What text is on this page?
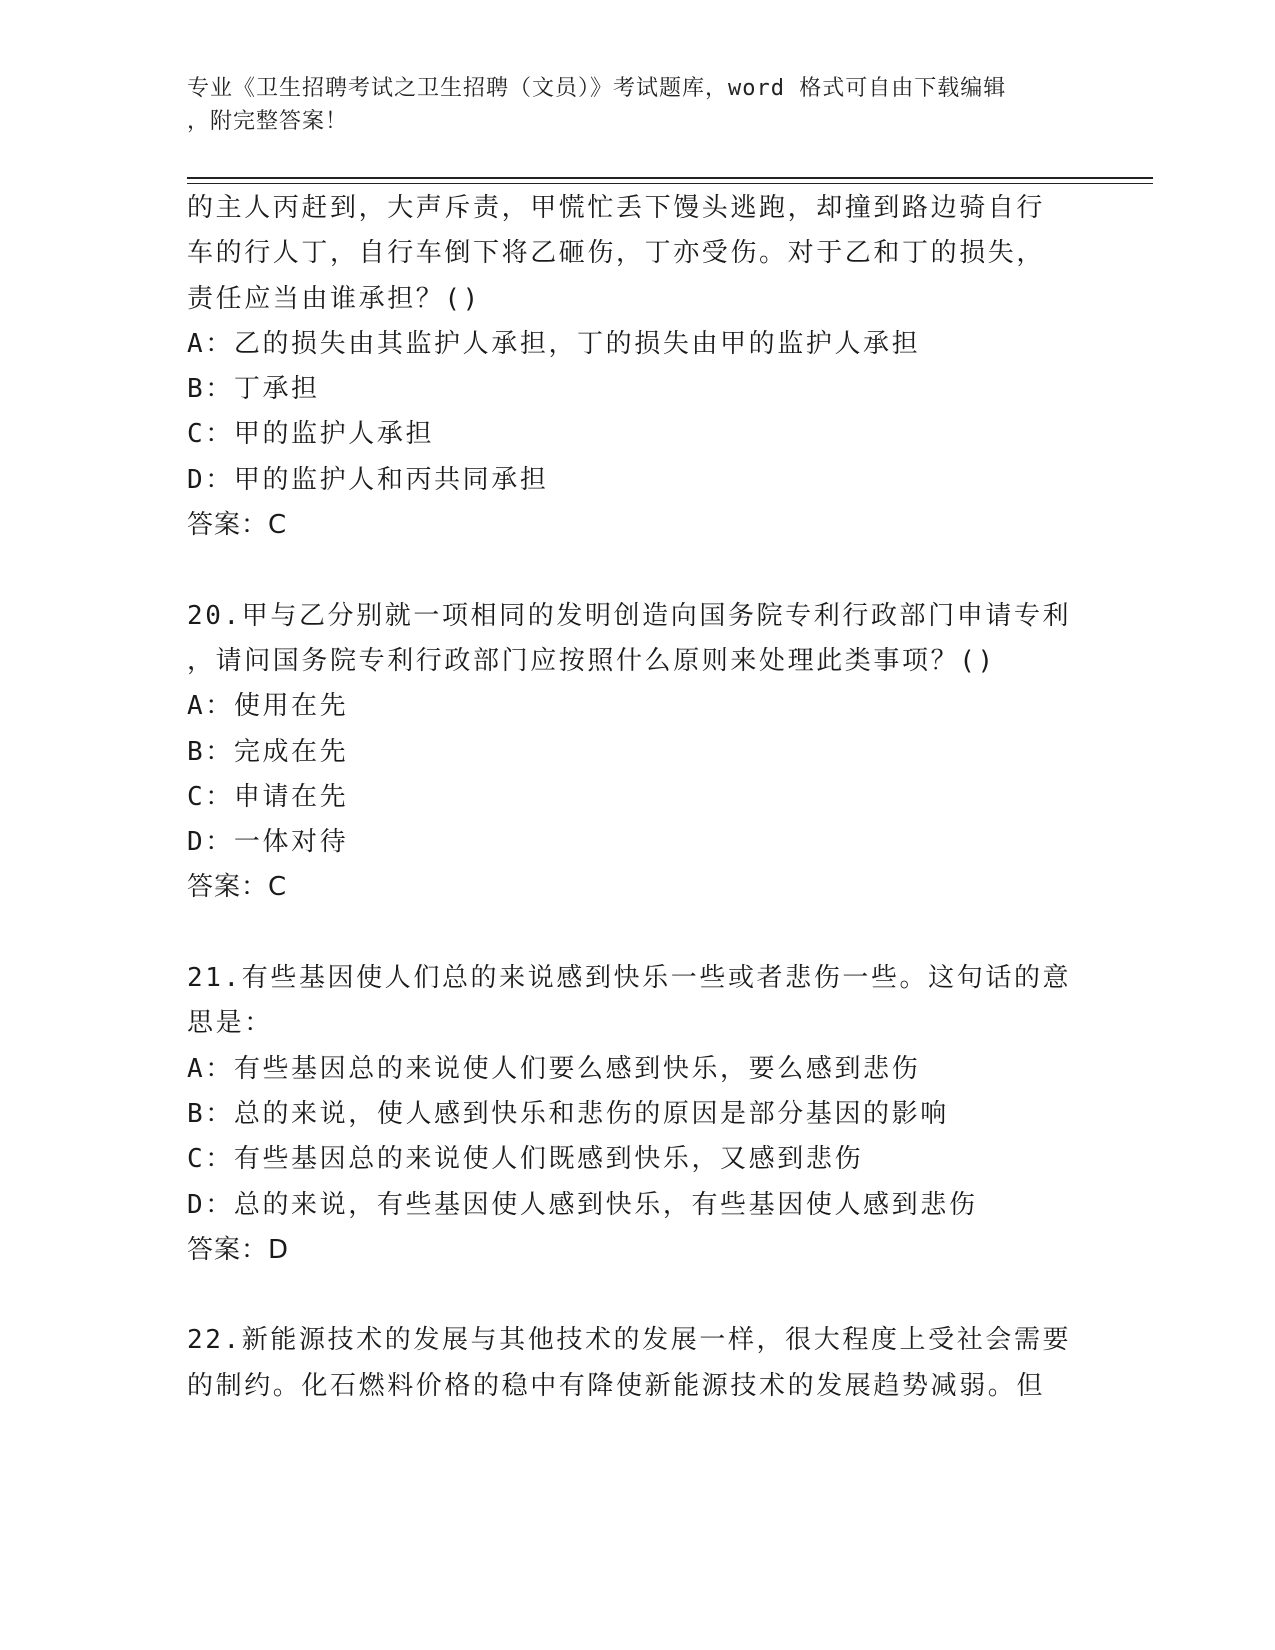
专业《卫生招聘考试之卫生招聘（文员）》考试题库，word 格式可自由下载编辑
，附完整答案！
的主人丙赶到，大声斥责，甲慌忙丢下馒头逃跑，却撞到路边骑自行
车的行人丁，自行车倒下将乙砸伤，丁亦受伤。对于乙和丁的损失，
责任应当由谁承担？()
A：乙的损失由其监护人承担，丁的损失由甲的监护人承担
B：丁承担
C：甲的监护人承担
D：甲的监护人和丙共同承担
答案：C
20.甲与乙分别就一项相同的发明创造向国务院专利行政部门申请专利
，请问国务院专利行政部门应按照什么原则来处理此类事项？()
A：使用在先
B：完成在先
C：申请在先
D：一体对待
答案：C
21.有些基因使人们总的来说感到快乐一些或者悲伤一些。这句话的意
思是：
A：有些基因总的来说使人们要么感到快乐，要么感到悲伤
B：总的来说，使人感到快乐和悲伤的原因是部分基因的影响
C：有些基因总的来说使人们既感到快乐，又感到悲伤
D：总的来说，有些基因使人感到快乐，有些基因使人感到悲伤
答案：D
22.新能源技术的发展与其他技术的发展一样，很大程度上受社会需要
的制约。化石燃料价格的稳中有降使新能源技术的发展趋势减弱。但
